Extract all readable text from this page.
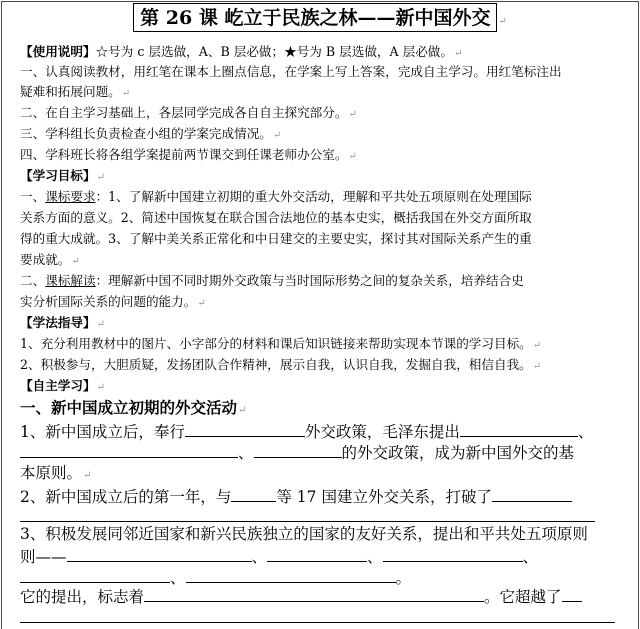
第 26 课 屹立于民族之林——新中国外交 ↵
【使用说明】☆号为 c 层选做，A、B 层必做；★号为 B 层选做，A 层必做。↵
一、认真阅读教材，用红笔在课本上圈点信息，在学案上写上答案，完成自主学习。用红笔标注出
疑难和拓展问题。↵
二、在自主学习基础上，各层同学完成各自自主探究部分。↵
三、学科组长负责检查小组的学案完成情况。↵
四、学科班长将各组学案提前两节课交到任课老师办公室。↵
【学习目标】↵
一、课标要求：1、了解新中国建立初期的重大外交活动，理解和平共处五项原则在处理国际
关系方面的意义。2、简述中国恢复在联合国合法地位的基本史实，概括我国在外交方面所取
得的重大成就。3、了解中美关系正常化和中日建交的主要史实，探讨其对国际关系产生的重
要成就。↵
二、课标解读：理解新中国不同时期外交政策与当时国际形势之间的复杂关系，培养结合史
实分析国际关系的问题的能力。↵
【学法指导】↵
1、充分利用教材中的图片、小字部分的材料和课后知识链接来帮助实现本节课的学习目标。↵
2、积极参与，大胆质疑，发扬团队合作精神，展示自我，认识自我，发掘自我，相信自我。↵
【自主学习】↵
一、新中国成立初期的外交活动↵
1、新中国成立后，奉行	外交政策，毛泽东提出	、
、	的外交政策，成为新中国外交的基
本原则。↵
2、新中国成立后的第一年，与	等 17 国建立外交关系，打破了
3、积极发展同邻近国家和新兴民族独立的国家的友好关系，提出和平共处五项原则
则——	、	、	、
、	。
它的提出，标志着	。它超越了
